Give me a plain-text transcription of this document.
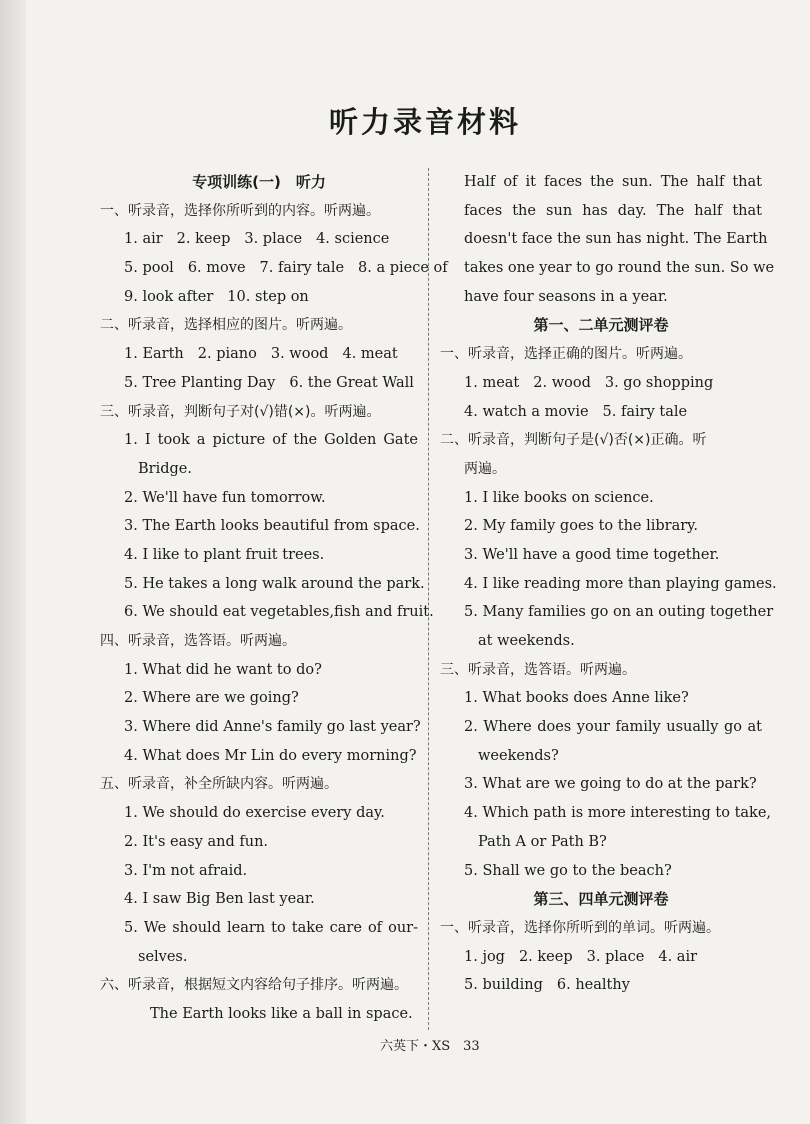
听力录音材料
专项训练(一)　听力
一、听录音，选择你所听到的内容。听两遍。
1. air 2. keep 3. place 4. science
5. pool 6. move 7. fairy tale 8. a piece of
9. look after 10. step on
二、听录音，选择相应的图片。听两遍。
1. Earth 2. piano 3. wood 4. meat
5. Tree Planting Day 6. the Great Wall
三、听录音，判断句子对(√)错(×)。听两遍。
1. I took a picture of the Golden Gate
Bridge.
2. We'll have fun tomorrow.
3. The Earth looks beautiful from space.
4. I like to plant fruit trees.
5. He takes a long walk around the park.
6. We should eat vegetables,fish and fruit.
四、听录音，选答语。听两遍。
1. What did he want to do?
2. Where are we going?
3. Where did Anne's family go last year?
4. What does Mr Lin do every morning?
五、听录音，补全所缺内容。听两遍。
1. We should do exercise every day.
2. It's easy and fun.
3. I'm not afraid.
4. I saw Big Ben last year.
5. We should learn to take care of our-
selves.
六、听录音，根据短文内容给句子排序。听两遍。
The Earth looks like a ball in space.
Half of it faces the sun. The half that
faces the sun has day. The half that
doesn't face the sun has night. The Earth
takes one year to go round the sun. So we
have four seasons in a year.
第一、二单元测评卷
一、听录音，选择正确的图片。听两遍。
1. meat 2. wood 3. go shopping
4. watch a movie 5. fairy tale
二、听录音，判断句子是(√)否(×)正确。听
两遍。
1. I like books on science.
2. My family goes to the library.
3. We'll have a good time together.
4. I like reading more than playing games.
5. Many families go on an outing together
at weekends.
三、听录音，选答语。听两遍。
1. What books does Anne like?
2. Where does your family usually go at
weekends?
3. What are we going to do at the park?
4. Which path is more interesting to take,
Path A or Path B?
5. Shall we go to the beach?
第三、四单元测评卷
一、听录音，选择你所听到的单词。听两遍。
1. jog 2. keep 3. place 4. air
5. building 6. healthy
六英下・XS　33
